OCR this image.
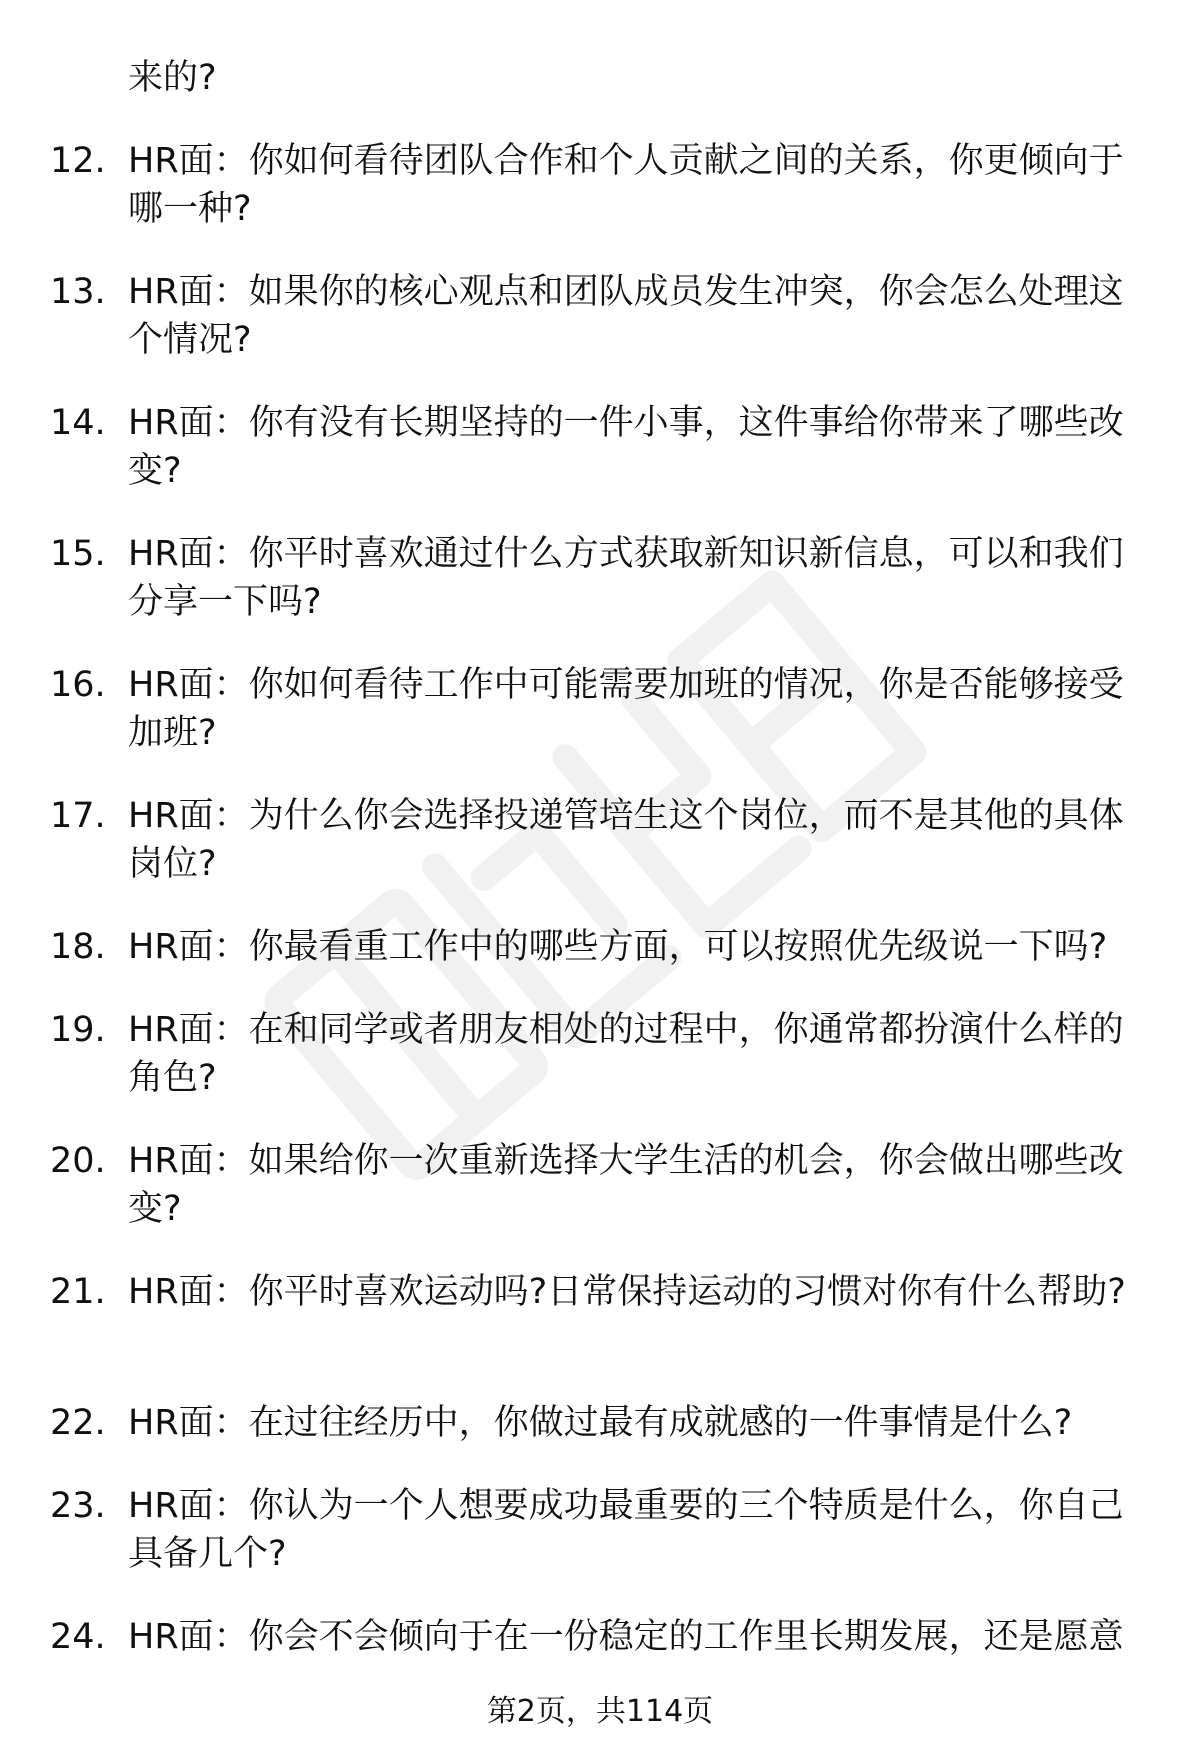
来的?

12. HR面：你如何看待团队合作和个人贡献之间的关系，你更倾向于哪一种?
13. HR面：如果你的核心观点和团队成员发生冲突，你会怎么处理这个情况?
14. HR面：你有没有长期坚持的一件小事，这件事给你带来了哪些改变?
15. HR面：你平时喜欢通过什么方式获取新知识新信息，可以和我们分享一下吗?
16. HR面：你如何看待工作中可能需要加班的情况，你是否能够接受加班?
17. HR面：为什么你会选择投递管培生这个岗位，而不是其他的具体岗位?
18. HR面：你最看重工作中的哪些方面，可以按照优先级说一下吗?
19. HR面：在和同学或者朋友相处的过程中，你通常都扮演什么样的角色?
20. HR面：如果给你一次重新选择大学生活的机会，你会做出哪些改变?
21. HR面：你平时喜欢运动吗?日常保持运动的习惯对你有什么帮助?
22. HR面：在过往经历中，你做过最有成就感的一件事情是什么?
23. HR面：你认为一个人想要成功最重要的三个特质是什么，你自己具备几个?
24. HR面：你会不会倾向于在一份稳定的工作里长期发展，还是愿意
第2页，共114页
